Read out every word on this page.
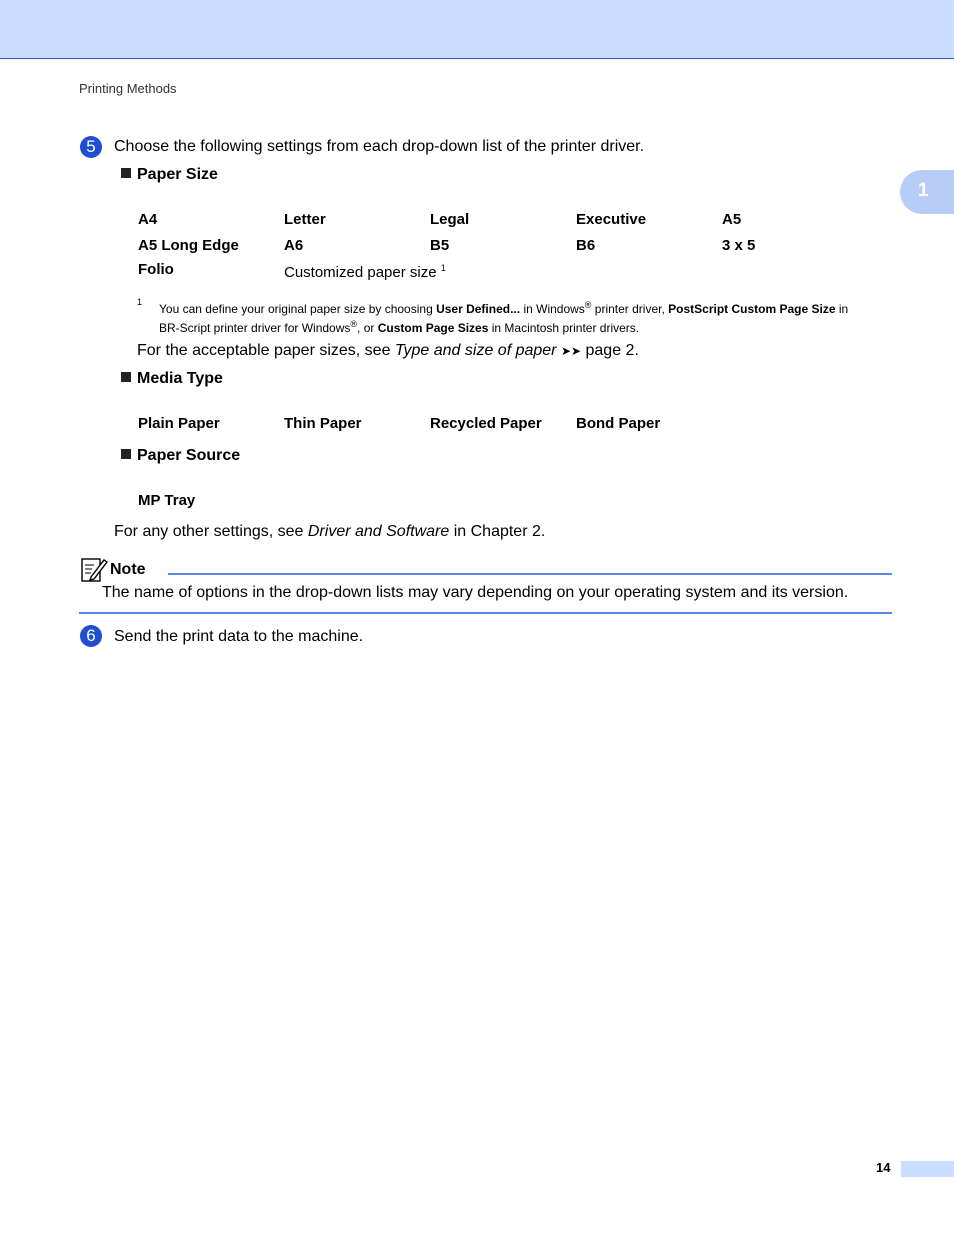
Printing Methods
1
5	Choose the following settings from each drop-down list of the printer driver.
Paper Size
A4	Letter	Legal	Executive	A5
A5 Long Edge	A6	B5	B6	3 x 5
Folio	Customized paper size $^1$
1 You can define your original paper size by choosing User Defined... in Windows® printer driver, PostScript Custom Page Size in
BR-Script printer driver for Windows®, or Custom Page Sizes in Macintosh printer drivers.
For the acceptable paper sizes, see Type and size of paper ➤➤ page 2.
Media Type
Plain Paper	Thin Paper	Recycled Paper Bond Paper
Paper Source
MP Tray
For any other settings, see Driver and Software in Chapter 2.
Note
The name of options in the drop-down lists may vary depending on your operating system and its version.
6	Send the print data to the machine.
14
